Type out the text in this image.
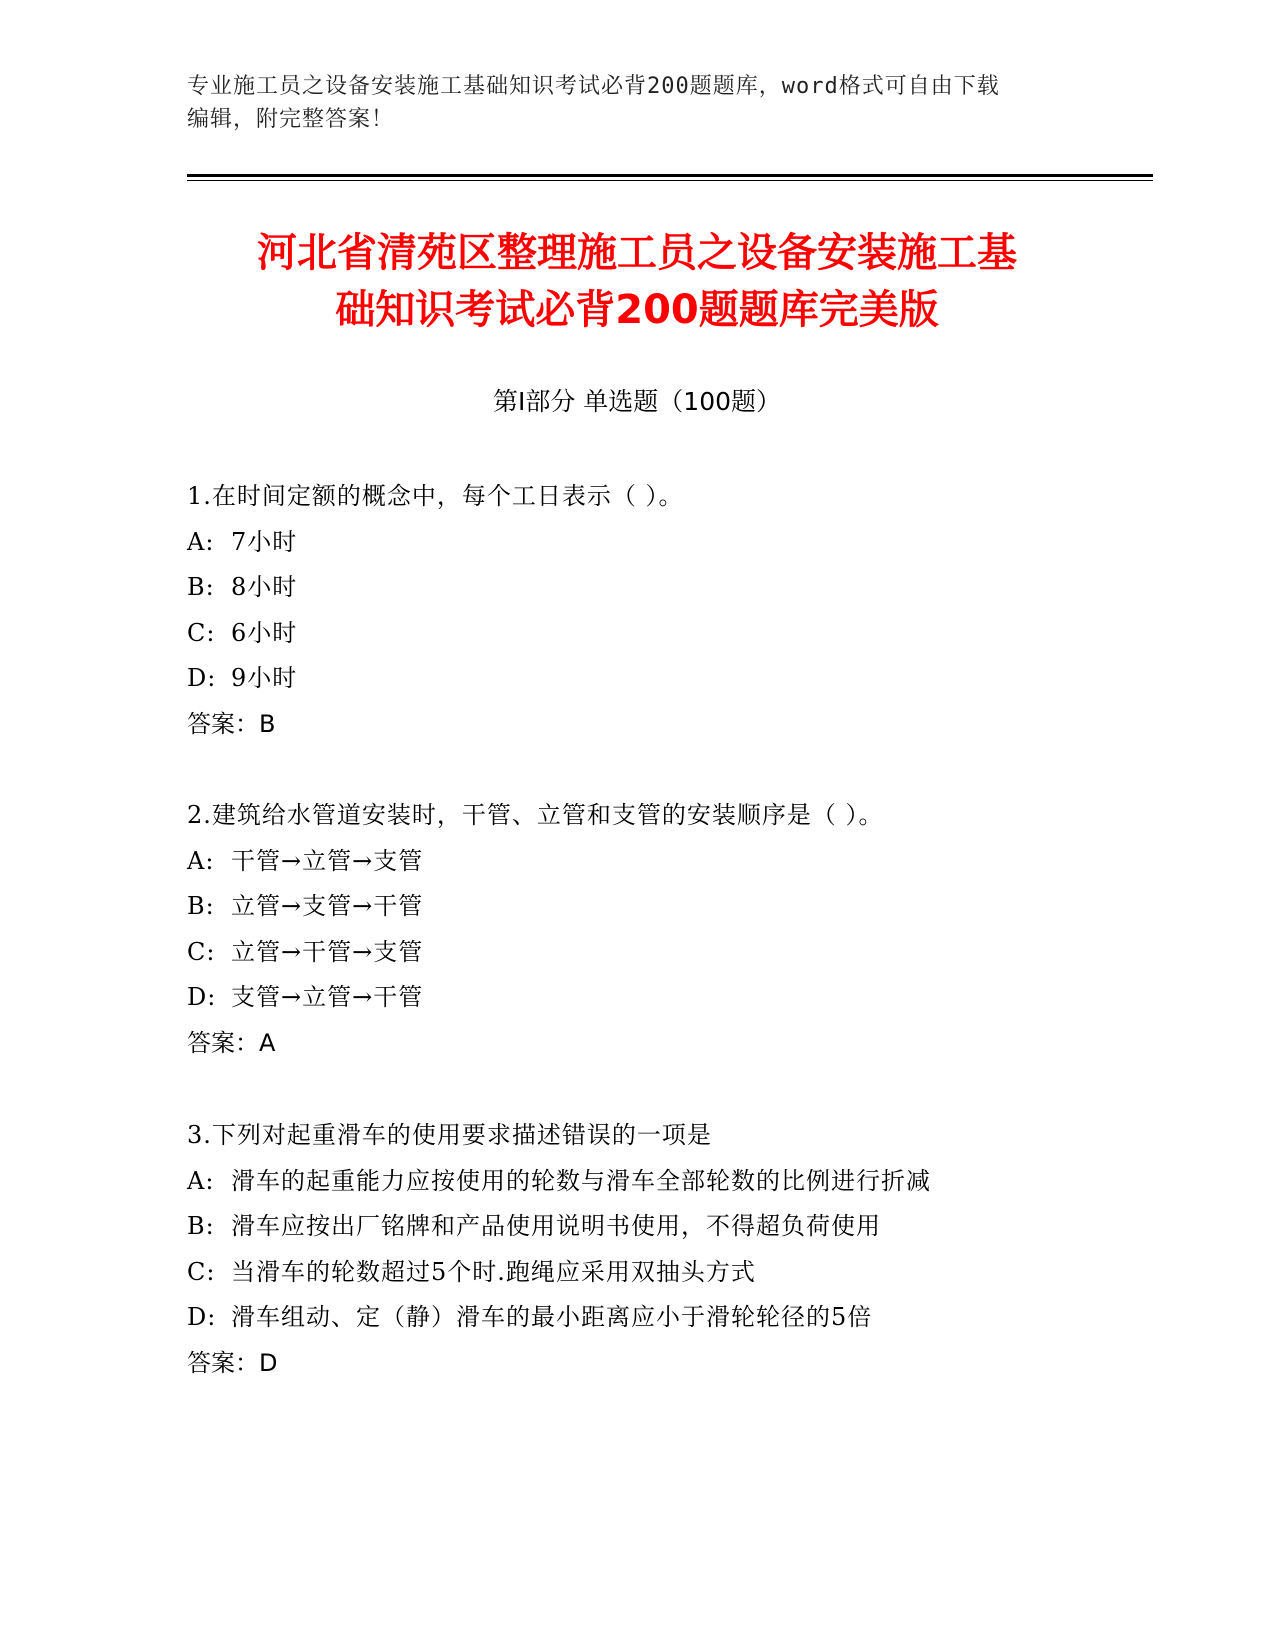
专业施工员之设备安装施工基础知识考试必背200题题库，word格式可自由下载
编辑，附完整答案！
河北省清苑区整理施工员之设备安装施工基
础知识考试必背200题题库完美版
第Ⅰ部分 单选题（100题）
1.在时间定额的概念中，每个工日表示（ ）。
A: 7小时
B: 8小时
C: 6小时
D: 9小时
答案：B
2.建筑给水管道安装时，干管、立管和支管的安装顺序是（ ）。
A: 干管→立管→支管
B: 立管→支管→干管
C: 立管→干管→支管
D: 支管→立管→干管
答案：A
3.下列对起重滑车的使用要求描述错误的一项是
A: 滑车的起重能力应按使用的轮数与滑车全部轮数的比例进行折减
B: 滑车应按出厂铭牌和产品使用说明书使用，不得超负荷使用
C: 当滑车的轮数超过5个时.跑绳应采用双抽头方式
D: 滑车组动、定（静）滑车的最小距离应小于滑轮轮径的5倍
答案：D
